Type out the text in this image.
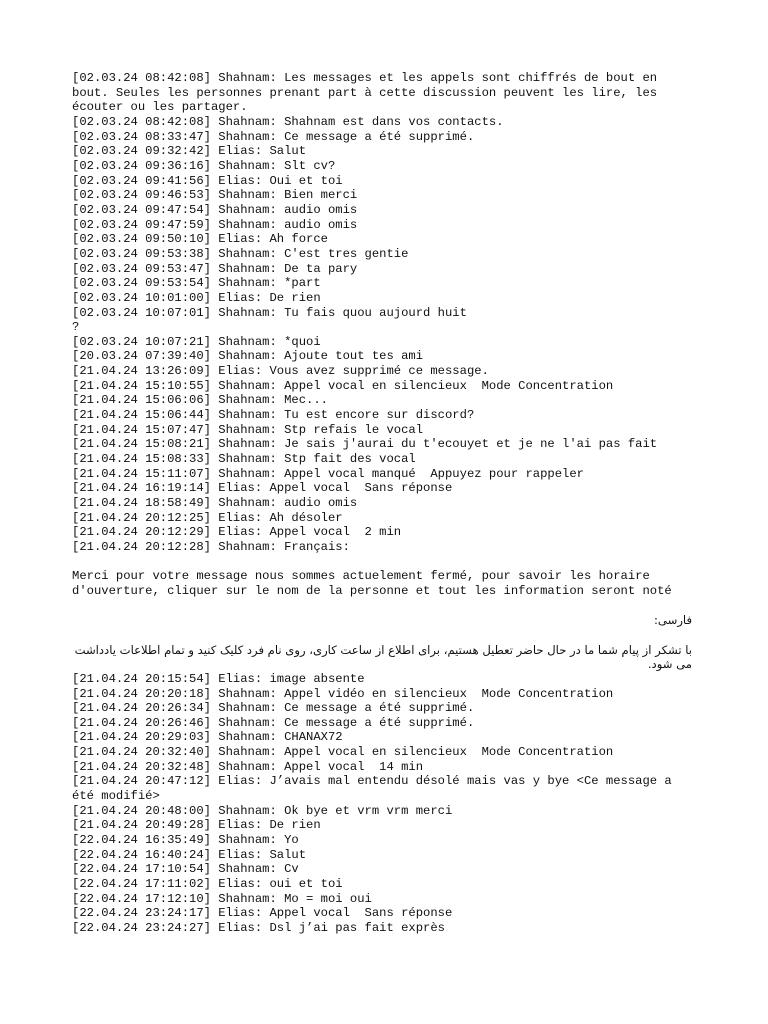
[02.03.24 08:42:08] Shahnam: Les messages et les appels sont chiffrés de bout en bout. Seules les personnes prenant part à cette discussion peuvent les lire, les écouter ou les partager.
[02.03.24 08:42:08] Shahnam: Shahnam est dans vos contacts.
[02.03.24 08:33:47] Shahnam: Ce message a été supprimé.
[02.03.24 09:32:42] Elias: Salut
[02.03.24 09:36:16] Shahnam: Slt cv?
[02.03.24 09:41:56] Elias: Oui et toi
[02.03.24 09:46:53] Shahnam: Bien merci
[02.03.24 09:47:54] Shahnam: audio omis
[02.03.24 09:47:59] Shahnam: audio omis
[02.03.24 09:50:10] Elias: Ah force
[02.03.24 09:53:38] Shahnam: C'est tres gentie
[02.03.24 09:53:47] Shahnam: De ta pary
[02.03.24 09:53:54] Shahnam: *part
[02.03.24 10:01:00] Elias: De rien
[02.03.24 10:07:01] Shahnam: Tu fais quou aujourd huit
?
[02.03.24 10:07:21] Shahnam: *quoi
[20.03.24 07:39:40] Shahnam: Ajoute tout tes ami
[21.04.24 13:26:09] Elias: Vous avez supprimé ce message.
[21.04.24 15:10:55] Shahnam: Appel vocal en silencieux  Mode Concentration
[21.04.24 15:06:06] Shahnam: Mec...
[21.04.24 15:06:44] Shahnam: Tu est encore sur discord?
[21.04.24 15:07:47] Shahnam: Stp refais le vocal
[21.04.24 15:08:21] Shahnam: Je sais j'aurai du t'ecouyet et je ne l'ai pas fait
[21.04.24 15:08:33] Shahnam: Stp fait des vocal
[21.04.24 15:11:07] Shahnam: Appel vocal manqué  Appuyez pour rappeler
[21.04.24 16:19:14] Elias: Appel vocal  Sans réponse
[21.04.24 18:58:49] Shahnam: audio omis
[21.04.24 20:12:25] Elias: Ah désoler
[21.04.24 20:12:29] Elias: Appel vocal  2 min
[21.04.24 20:12:28] Shahnam: Français:
Merci pour votre message nous sommes actuelement fermé, pour savoir les horaire d'ouverture, cliquer sur le nom de la personne et tout les information seront noté
فارسی:
با تشکر از پیام شما ما در حال حاضر تعطیل هستیم، برای اطلاع از ساعت کاری، روی نام فرد کلیک کنید و تمام اطلاعات یادداشت می شود.
[21.04.24 20:15:54] Elias: image absente
[21.04.24 20:20:18] Shahnam: Appel vidéo en silencieux  Mode Concentration
[21.04.24 20:26:34] Shahnam: Ce message a été supprimé.
[21.04.24 20:26:46] Shahnam: Ce message a été supprimé.
[21.04.24 20:29:03] Shahnam: CHANAX72
[21.04.24 20:32:40] Shahnam: Appel vocal en silencieux  Mode Concentration
[21.04.24 20:32:48] Shahnam: Appel vocal  14 min
[21.04.24 20:47:12] Elias: J’avais mal entendu désolé mais vas y bye <Ce message a été modifié>
[21.04.24 20:48:00] Shahnam: Ok bye et vrm vrm merci
[21.04.24 20:49:28] Elias: De rien
[22.04.24 16:35:49] Shahnam: Yo
[22.04.24 16:40:24] Elias: Salut
[22.04.24 17:10:54] Shahnam: Cv
[22.04.24 17:11:02] Elias: oui et toi
[22.04.24 17:12:10] Shahnam: Mo = moi oui
[22.04.24 23:24:17] Elias: Appel vocal  Sans réponse
[22.04.24 23:24:27] Elias: Dsl j’ai pas fait exprès
